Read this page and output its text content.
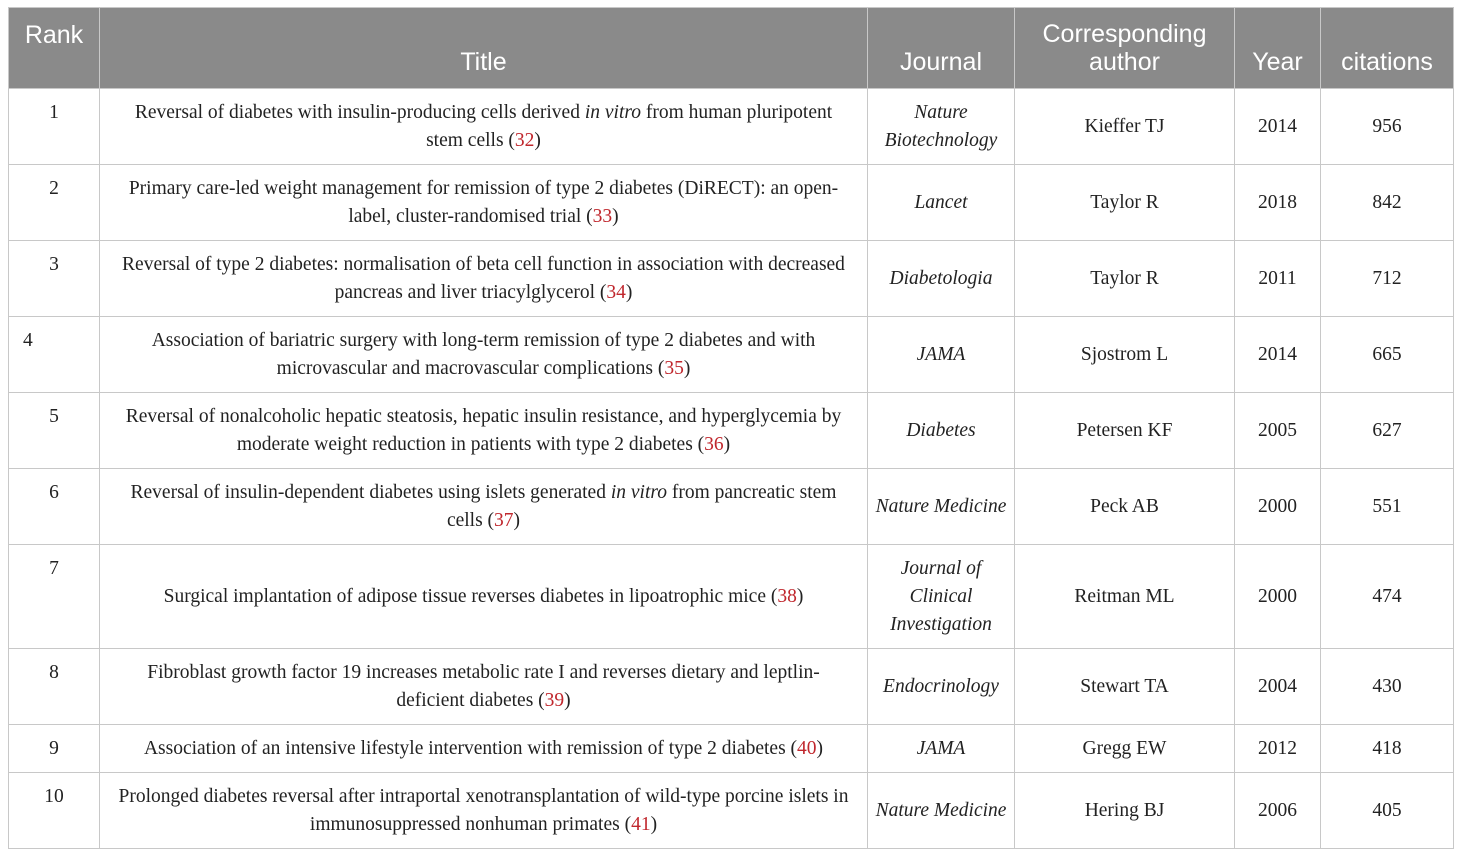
Rank	Title	Journal	Corresponding author	Year	citations
1	Reversal of diabetes with insulin-producing cells derived in vitro from human pluripotent stem cells (32)	Nature Biotechnology	Kieffer TJ	2014	956
2	Primary care-led weight management for remission of type 2 diabetes (DiRECT): an open-label, cluster-randomised trial (33)	Lancet	Taylor R	2018	842
3	Reversal of type 2 diabetes: normalisation of beta cell function in association with decreased pancreas and liver triacylglycerol (34)	Diabetologia	Taylor R	2011	712
4	Association of bariatric surgery with long-term remission of type 2 diabetes and with microvascular and macrovascular complications (35)	JAMA	Sjostrom L	2014	665
5	Reversal of nonalcoholic hepatic steatosis, hepatic insulin resistance, and hyperglycemia by moderate weight reduction in patients with type 2 diabetes (36)	Diabetes	Petersen KF	2005	627
6	Reversal of insulin-dependent diabetes using islets generated in vitro from pancreatic stem cells (37)	Nature Medicine	Peck AB	2000	551
7	Surgical implantation of adipose tissue reverses diabetes in lipoatrophic mice (38)	Journal of Clinical Investigation	Reitman ML	2000	474
8	Fibroblast growth factor 19 increases metabolic rate I and reverses dietary and leptlin-deficient diabetes (39)	Endocrinology	Stewart TA	2004	430
9	Association of an intensive lifestyle intervention with remission of type 2 diabetes (40)	JAMA	Gregg EW	2012	418
10	Prolonged diabetes reversal after intraportal xenotransplantation of wild-type porcine islets in immunosuppressed nonhuman primates (41)	Nature Medicine	Hering BJ	2006	405
